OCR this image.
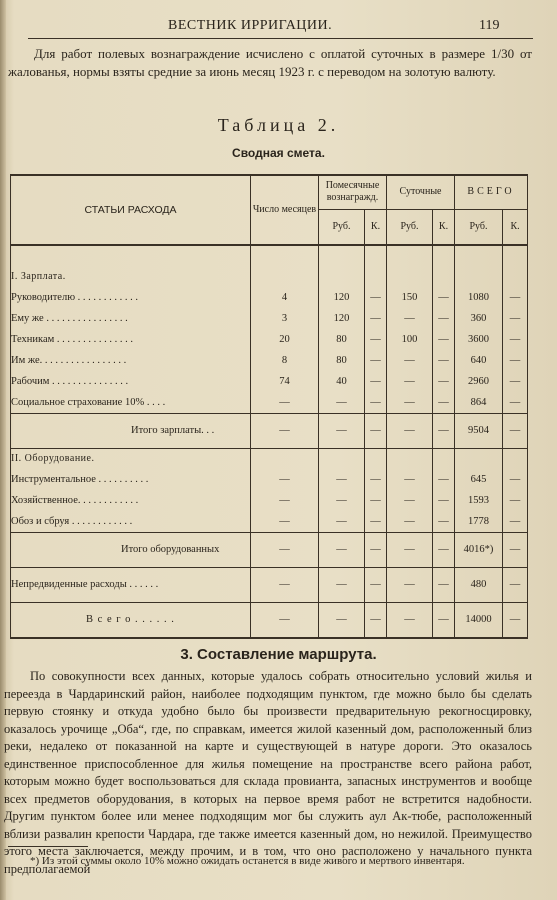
ВЕСТНИК ИРРИГАЦИИ.	119
Для работ полевых вознаграждение исчислено с оплатой суточных в размере 1/30 от жалованья, нормы взяты средние за июнь месяц 1923 г. с переводом на золотую валюту.
Таблица 2.
Сводная смета.
СТАТЬИ РАСХОДА	Число месяцев	Помесячные вознагражд.		Суточные		ВСЕГО	
		Руб.	К.	Руб.	К.	Руб.	К.

I. Зарплата.							
Руководителю . . . . . . . . . . . .	4	120	—	150	—	1080	—
Ему же . . . . . . . . . . . . . . . .	3	120	—	—	—	360	—
Техникам . . . . . . . . . . . . . . .	20	80	—	100	—	3600	—
Им же. . . . . . . . . . . . . . . . .	8	80	—	—	—	640	—
Рабочим . . . . . . . . . . . . . . .	74	40	—	—	—	2960	—
Социальное страхование 10% . . . .	—	—	—	—	—	864	—
Итого зарплаты. . .	—	—	—	—	—	9504	—
II. Оборудование.							
Инструментальное . . . . . . . . . .	—	—	—	—	—	645	—
Хозяйственное. . . . . . . . . . . .	—	—	—	—	—	1593	—
Обоз и сбруя . . . . . . . . . . . .	—	—	—	—	—	1778	—
Итого оборудованных	—	—	—	—	—	4016*)	—
Непредвиденные расходы . . . . . .	—	—	—	—	—	480	—
В с е г о . . . . . .	—	—	—	—	—	14000	—
3. Составление маршрута.
По совокупности всех данных, которые удалось собрать относительно условий жилья и переезда в Чардаринский район, наиболее подходящим пунктом, где можно было бы сделать первую стоянку и откуда удобно было бы произвести предварительную рекогносцировку, оказалось урочище „Оба“, где, по справкам, имеется жилой казенный дом, расположенный близ реки, недалеко от показанной на карте и существующей в натуре дороги. Это оказалось единственное приспособленное для жилья помещение на пространстве всего района работ, которым можно будет воспользоваться для склада провианта, запасных инструментов и вообще всех предметов оборудования, в которых на первое время работ не встретится надобности. Другим пунктом более или менее подходящим мог бы служить аул Ак-тюбе, расположенный вблизи развалин крепости Чардара, где также имеется казенный дом, но нежилой. Преимущество этого места заключается, между прочим, и в том, что оно расположено у начального пункта предполагаемой
*) Из этой суммы около 10% можно ожидать останется в виде живого и мертвого инвентаря.
